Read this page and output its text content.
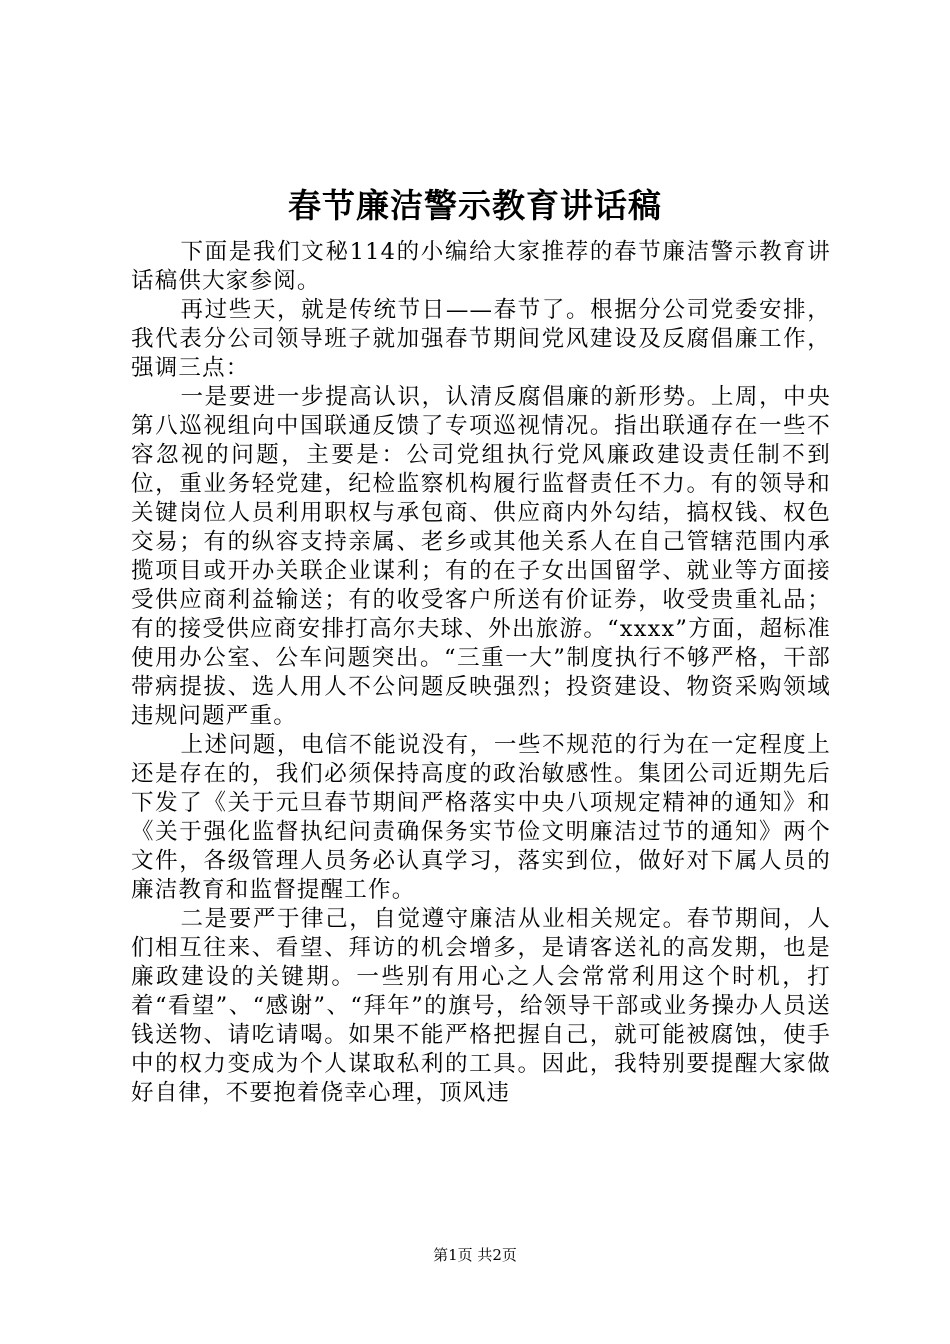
春节廉洁警示教育讲话稿

下面是我们文秘114的小编给大家推荐的春节廉洁警示教育讲话稿供大家参阅。

再过些天，就是传统节日——春节了。根据分公司党委安排，我代表分公司领导班子就加强春节期间党风建设及反腐倡廉工作，强调三点：

一是要进一步提高认识，认清反腐倡廉的新形势。上周，中央第八巡视组向中国联通反馈了专项巡视情况。指出联通存在一些不容忽视的问题，主要是：公司党组执行党风廉政建设责任制不到位，重业务轻党建，纪检监察机构履行监督责任不力。有的领导和关键岗位人员利用职权与承包商、供应商内外勾结，搞权钱、权色交易；有的纵容支持亲属、老乡或其他关系人在自己管辖范围内承揽项目或开办关联企业谋利；有的在子女出国留学、就业等方面接受供应商利益输送；有的收受客户所送有价证券，收受贵重礼品；有的接受供应商安排打高尔夫球、外出旅游。“xxxx”方面，超标准使用办公室、公车问题突出。“三重一大”制度执行不够严格，干部带病提拔、选人用人不公问题反映强烈；投资建设、物资采购领域违规问题严重。

上述问题，电信不能说没有，一些不规范的行为在一定程度上还是存在的，我们必须保持高度的政治敏感性。集团公司近期先后下发了《关于元旦春节期间严格落实中央八项规定精神的通知》和《关于强化监督执纪问责确保务实节俭文明廉洁过节的通知》两个文件，各级管理人员务必认真学习，落实到位，做好对下属人员的廉洁教育和监督提醒工作。

二是要严于律己，自觉遵守廉洁从业相关规定。春节期间，人们相互往来、看望、拜访的机会增多，是请客送礼的高发期，也是廉政建设的关键期。一些别有用心之人会常常利用这个时机，打着“看望”、“感谢”、“拜年”的旗号，给领导干部或业务操办人员送钱送物、请吃请喝。如果不能严格把握自己，就可能被腐蚀，使手中的权力变成为个人谋取私利的工具。因此，我特别要提醒大家做好自律，不要抱着侥幸心理，顶风违

第1页 共2页
